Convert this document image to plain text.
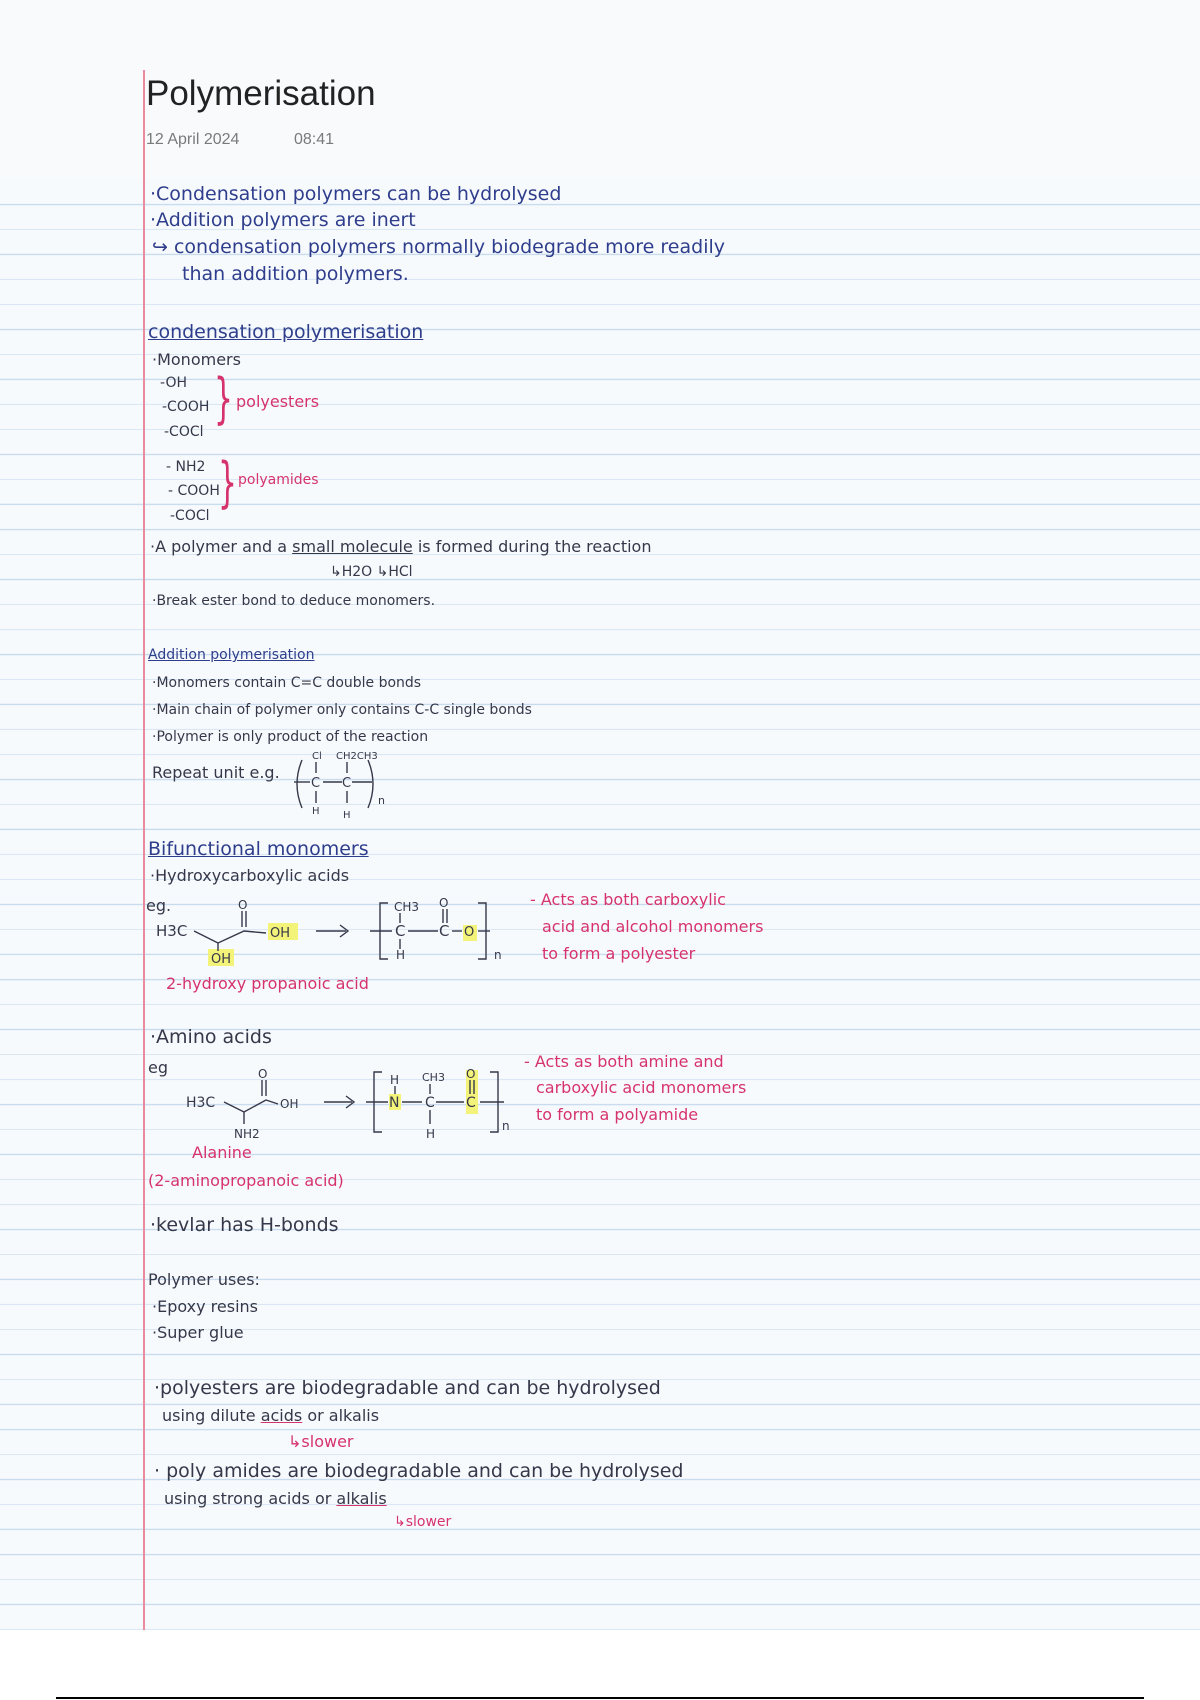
Polymerisation
12 April 2024	08:41
·Condensation polymers can be hydrolysed
·Addition polymers are inert
↪ condensation polymers normally biodegrade more readily
than addition polymers.
condensation polymerisation
·Monomers
-OH
-COOH
-COCl
} polyesters
- NH2
- COOH
-COCl
} polyamides
·A polymer and a small molecule is formed during the reaction
↳H2O ↳HCl
·Break ester bond to deduce monomers.
Addition polymerisation
·Monomers contain C=C double bonds
·Main chain of polymer only contains C-C single bonds
·Polymer is only product of the reaction
Repeat unit e.g.
C C
Cl CH2CH3
H H
n
Bifunctional monomers
·Hydroxycarboxylic acids
eg.
H3C
O
OH
OH
CH3
C
H
O
C O
n
2-hydroxy propanoic acid
- Acts as both carboxylic
acid and alcohol monomers
to form a polyester
·Amino acids
eg
H3C
O
OH
NH2
H
N
CH3
C
H
O
C
n
- Acts as both amine and
carboxylic acid monomers
to form a polyamide
Alanine
(2-aminopropanoic acid)
·kevlar has H-bonds
Polymer uses:
·Epoxy resins
·Super glue
·polyesters are biodegradable and can be hydrolysed
using dilute acids or alkalis
↳slower
· poly amides are biodegradable and can be hydrolysed
using strong acids or alkalis
↳slower
